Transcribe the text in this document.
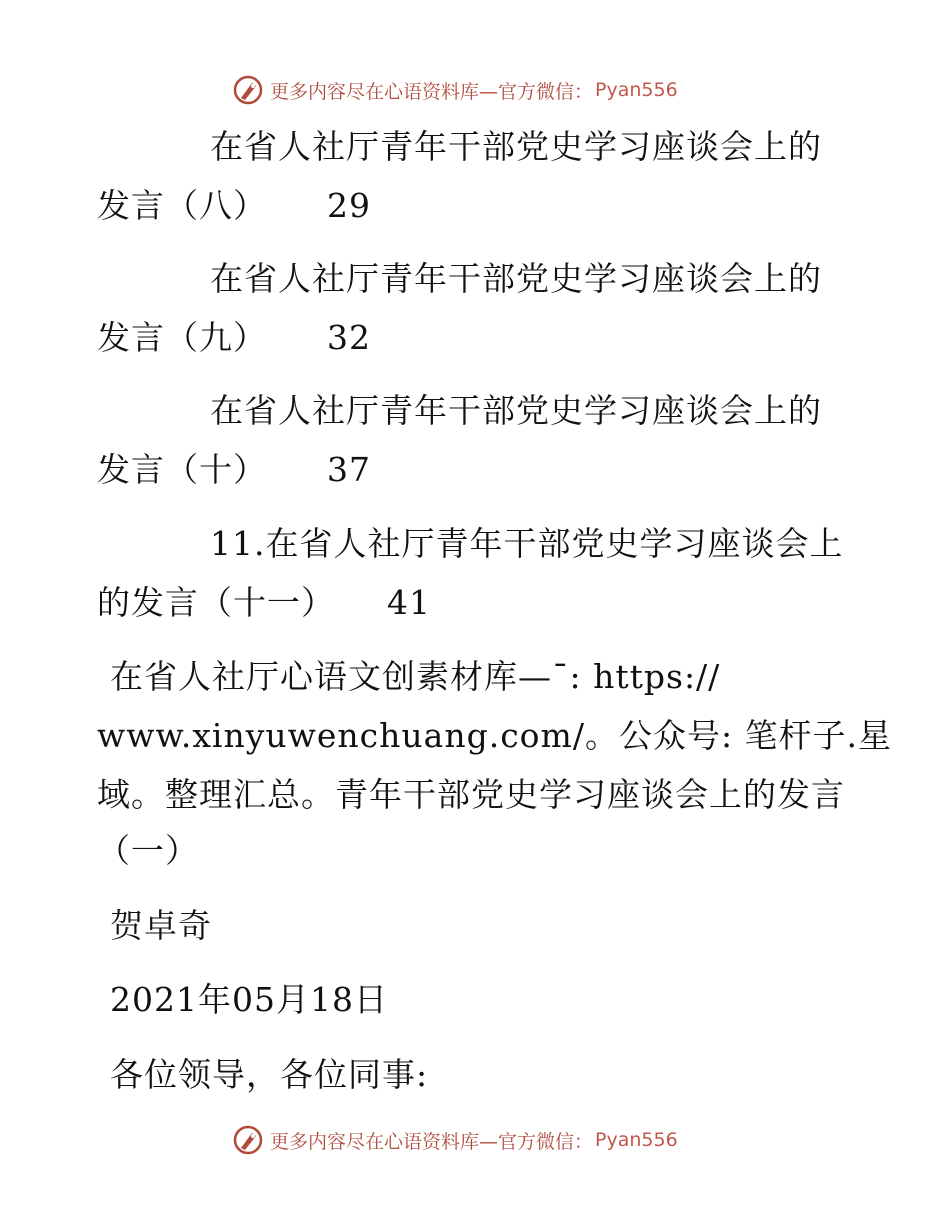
更多内容尽在心语资料库—官方微信： Pyan556
在省人社厅青年干部党史学习座谈会上的
发言（八） 29
在省人社厅青年干部党史学习座谈会上的
发言（九） 32
在省人社厅青年干部党史学习座谈会上的
发言（十） 37
11.在省人社厅青年干部党史学习座谈会上
的发言（十一） 41
在省人社厅心语文创素材库—¯: https://
www.xinyuwenchuang.com/。公众号: 笔杆子.星
域。整理汇总。青年干部党史学习座谈会上的发言
（一）
贺卓奇
2021年05月18日
各位领导，各位同事:
更多内容尽在心语资料库—官方微信： Pyan556
